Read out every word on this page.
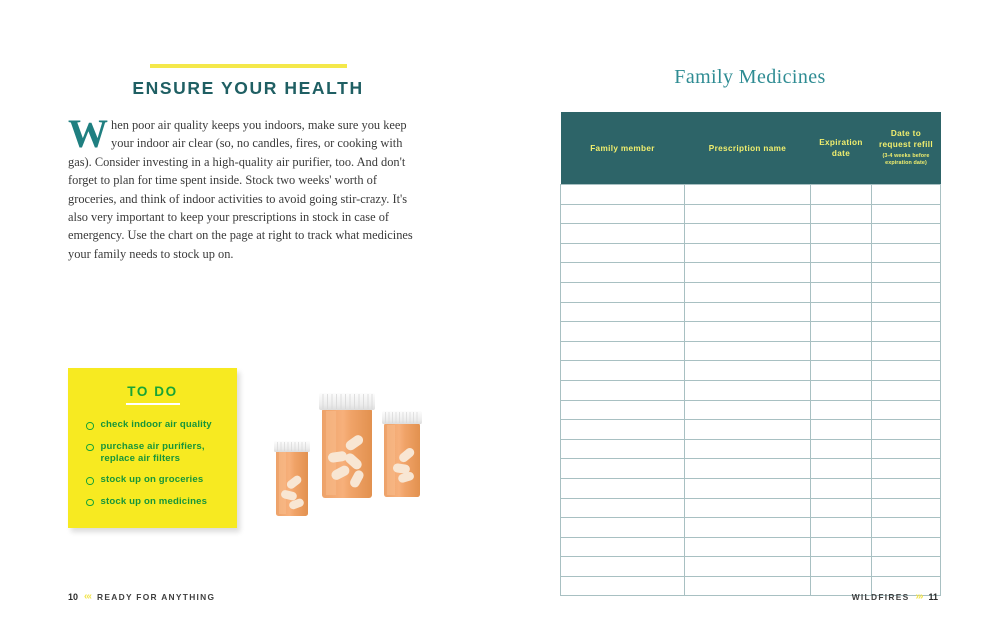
ENSURE YOUR HEALTH
When poor air quality keeps you indoors, make sure you keep your indoor air clear (so, no candles, fires, or cooking with gas). Consider investing in a high-quality air purifier, too. And don't forget to plan for time spent inside. Stock two weeks' worth of groceries, and think of indoor activities to avoid going stir-crazy. It's also very important to keep your prescriptions in stock in case of emergency. Use the chart on the page at right to track what medicines your family needs to stock up on.
TO DO
check indoor air quality
purchase air purifiers, replace air filters
stock up on groceries
stock up on medicines
10 ‹‹‹ READY FOR ANYTHING
Family Medicines
Family member	Prescription name	Expiration date	Date to request refill
(3-4 weeks before expiration date)

WILDFIRES ››› 11
